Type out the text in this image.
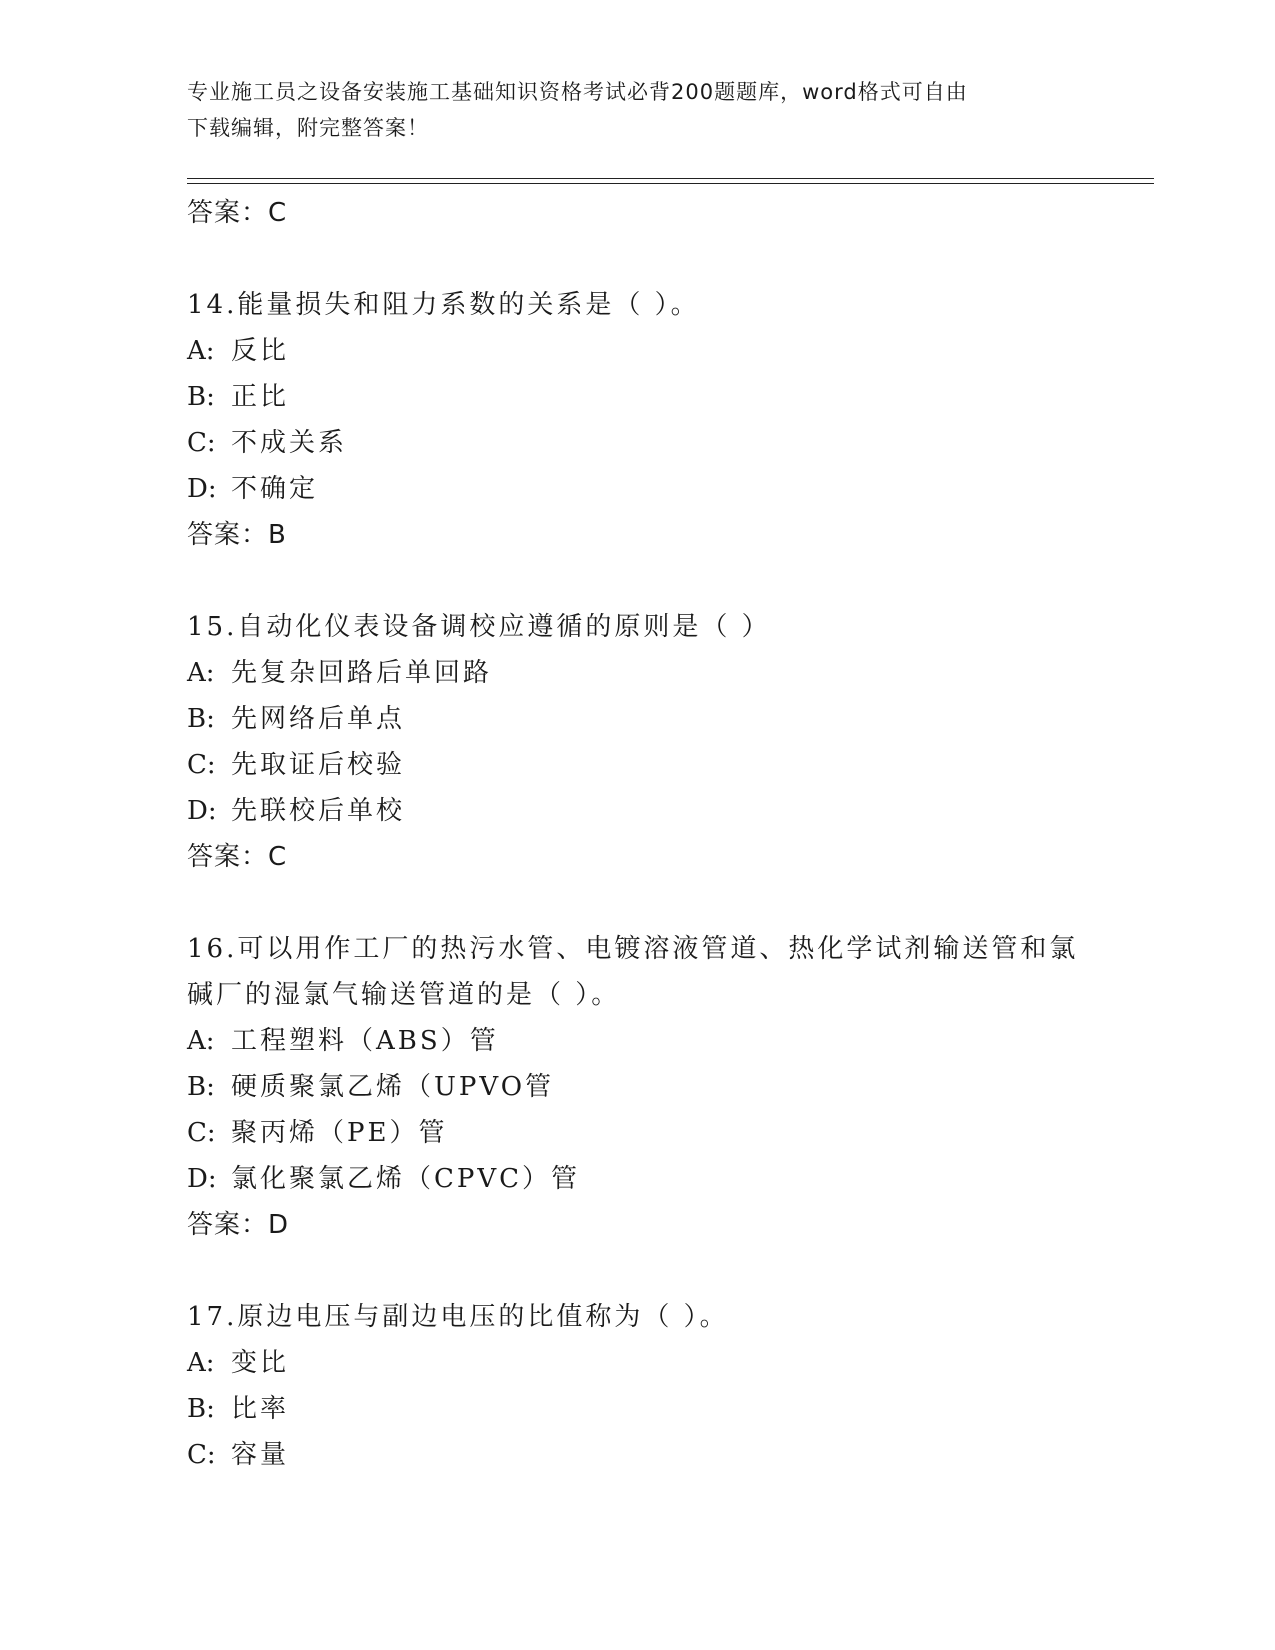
专业施工员之设备安装施工基础知识资格考试必背200题题库，word格式可自由
下载编辑，附完整答案！
答案：C
14.能量损失和阻力系数的关系是（ ）。
A: 反比
B: 正比
C: 不成关系
D: 不确定
答案：B
15.自动化仪表设备调校应遵循的原则是（ ）
A: 先复杂回路后单回路
B: 先网络后单点
C: 先取证后校验
D: 先联校后单校
答案：C
16.可以用作工厂的热污水管、电镀溶液管道、热化学试剂输送管和氯
碱厂的湿氯气输送管道的是（ ）。
A: 工程塑料（ABS）管
B: 硬质聚氯乙烯（UPVO管
C: 聚丙烯（PE）管
D: 氯化聚氯乙烯（CPVC）管
答案：D
17.原边电压与副边电压的比值称为（ ）。
A: 变比
B: 比率
C: 容量
